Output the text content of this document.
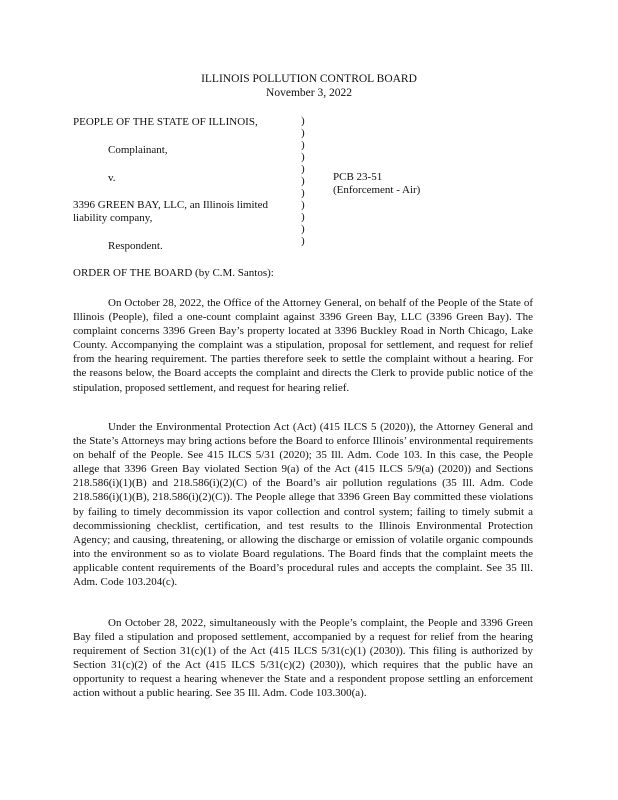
ILLINOIS POLLUTION CONTROL BOARD
November 3, 2022
PEOPLE OF THE STATE OF ILLINOIS,
Complainant,
v.
3396 GREEN BAY, LLC, an Illinois limited
liability company,
Respondent.
)
)
)
)
)
)
)
)
)
)
)
PCB 23-51
(Enforcement - Air)
ORDER OF THE BOARD (by C.M. Santos):

On October 28, 2022, the Office of the Attorney General, on behalf of the People of the State of Illinois (People), filed a one-count complaint against 3396 Green Bay, LLC (3396 Green Bay). The complaint concerns 3396 Green Bay’s property located at 3396 Buckley Road in North Chicago, Lake County. Accompanying the complaint was a stipulation, proposal for settlement, and request for relief from the hearing requirement. The parties therefore seek to settle the complaint without a hearing. For the reasons below, the Board accepts the complaint and directs the Clerk to provide public notice of the stipulation, proposed settlement, and request for hearing relief.

Under the Environmental Protection Act (Act) (415 ILCS 5 (2020)), the Attorney General and the State’s Attorneys may bring actions before the Board to enforce Illinois’ environmental requirements on behalf of the People. See 415 ILCS 5/31 (2020); 35 Ill. Adm. Code 103. In this case, the People allege that 3396 Green Bay violated Section 9(a) of the Act (415 ILCS 5/9(a) (2020)) and Sections 218.586(i)(1)(B) and 218.586(i)(2)(C) of the Board’s air pollution regulations (35 Ill. Adm. Code 218.586(i)(1)(B), 218.586(i)(2)(C)). The People allege that 3396 Green Bay committed these violations by failing to timely decommission its vapor collection and control system; failing to timely submit a decommissioning checklist, certification, and test results to the Illinois Environmental Protection Agency; and causing, threatening, or allowing the discharge or emission of volatile organic compounds into the environment so as to violate Board regulations. The Board finds that the complaint meets the applicable content requirements of the Board’s procedural rules and accepts the complaint. See 35 Ill. Adm. Code 103.204(c).

On October 28, 2022, simultaneously with the People’s complaint, the People and 3396 Green Bay filed a stipulation and proposed settlement, accompanied by a request for relief from the hearing requirement of Section 31(c)(1) of the Act (415 ILCS 5/31(c)(1) (2030)). This filing is authorized by Section 31(c)(2) of the Act (415 ILCS 5/31(c)(2) (2030)), which requires that the public have an opportunity to request a hearing whenever the State and a respondent propose settling an enforcement action without a public hearing. See 35 Ill. Adm. Code 103.300(a).
